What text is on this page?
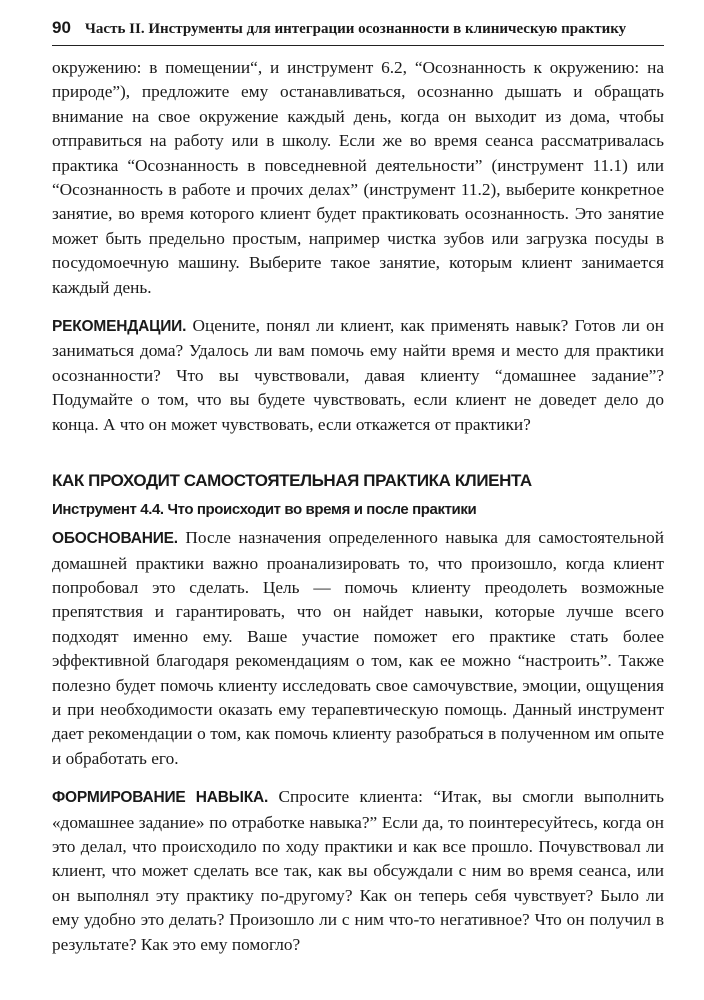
90 Часть II. Инструменты для интеграции осознанности в клиническую практику

окружению: в помещении“, и инструмент 6.2, “Осознанность к окружению: на природе”), предложите ему останавливаться, осознанно дышать и обращать внимание на свое окружение каждый день, когда он выходит из дома, чтобы отправиться на работу или в школу. Если же во время сеанса рассматривалась практика “Осознанность в повседневной деятельности” (инструмент 11.1) или “Осознанность в работе и прочих делах” (инструмент 11.2), выберите конкретное занятие, во время которого клиент будет практиковать осознанность. Это занятие может быть предельно простым, например чистка зубов или загрузка посуды в посудомоечную машину. Выберите такое занятие, которым клиент занимается каждый день.

РЕКОМЕНДАЦИИ. Оцените, понял ли клиент, как применять навык? Готов ли он заниматься дома? Удалось ли вам помочь ему найти время и место для практики осознанности? Что вы чувствовали, давая клиенту “домашнее задание”? Подумайте о том, что вы будете чувствовать, если клиент не доведет дело до конца. А что он может чувствовать, если откажется от практики?

КАК ПРОХОДИТ САМОСТОЯТЕЛЬНАЯ ПРАКТИКА КЛИЕНТА
Инструмент 4.4. Что происходит во время и после практики

ОБОСНОВАНИЕ. После назначения определенного навыка для самостоятельной домашней практики важно проанализировать то, что произошло, когда клиент попробовал это сделать. Цель — помочь клиенту преодолеть возможные препятствия и гарантировать, что он найдет навыки, которые лучше всего подходят именно ему. Ваше участие поможет его практике стать более эффективной благодаря рекомендациям о том, как ее можно “настроить”. Также полезно будет помочь клиенту исследовать свое самочувствие, эмоции, ощущения и при необходимости оказать ему терапевтическую помощь. Данный инструмент дает рекомендации о том, как помочь клиенту разобраться в полученном им опыте и обработать его.

ФОРМИРОВАНИЕ НАВЫКА. Спросите клиента: “Итак, вы смогли выполнить «домашнее задание» по отработке навыка?” Если да, то поинтересуйтесь, когда он это делал, что происходило по ходу практики и как все прошло. Почувствовал ли клиент, что может сделать все так, как вы обсуждали с ним во время сеанса, или он выполнял эту практику по-другому? Как он теперь себя чувствует? Было ли ему удобно это делать? Произошло ли с ним что-то негативное? Что он получил в результате? Как это ему помогло?
